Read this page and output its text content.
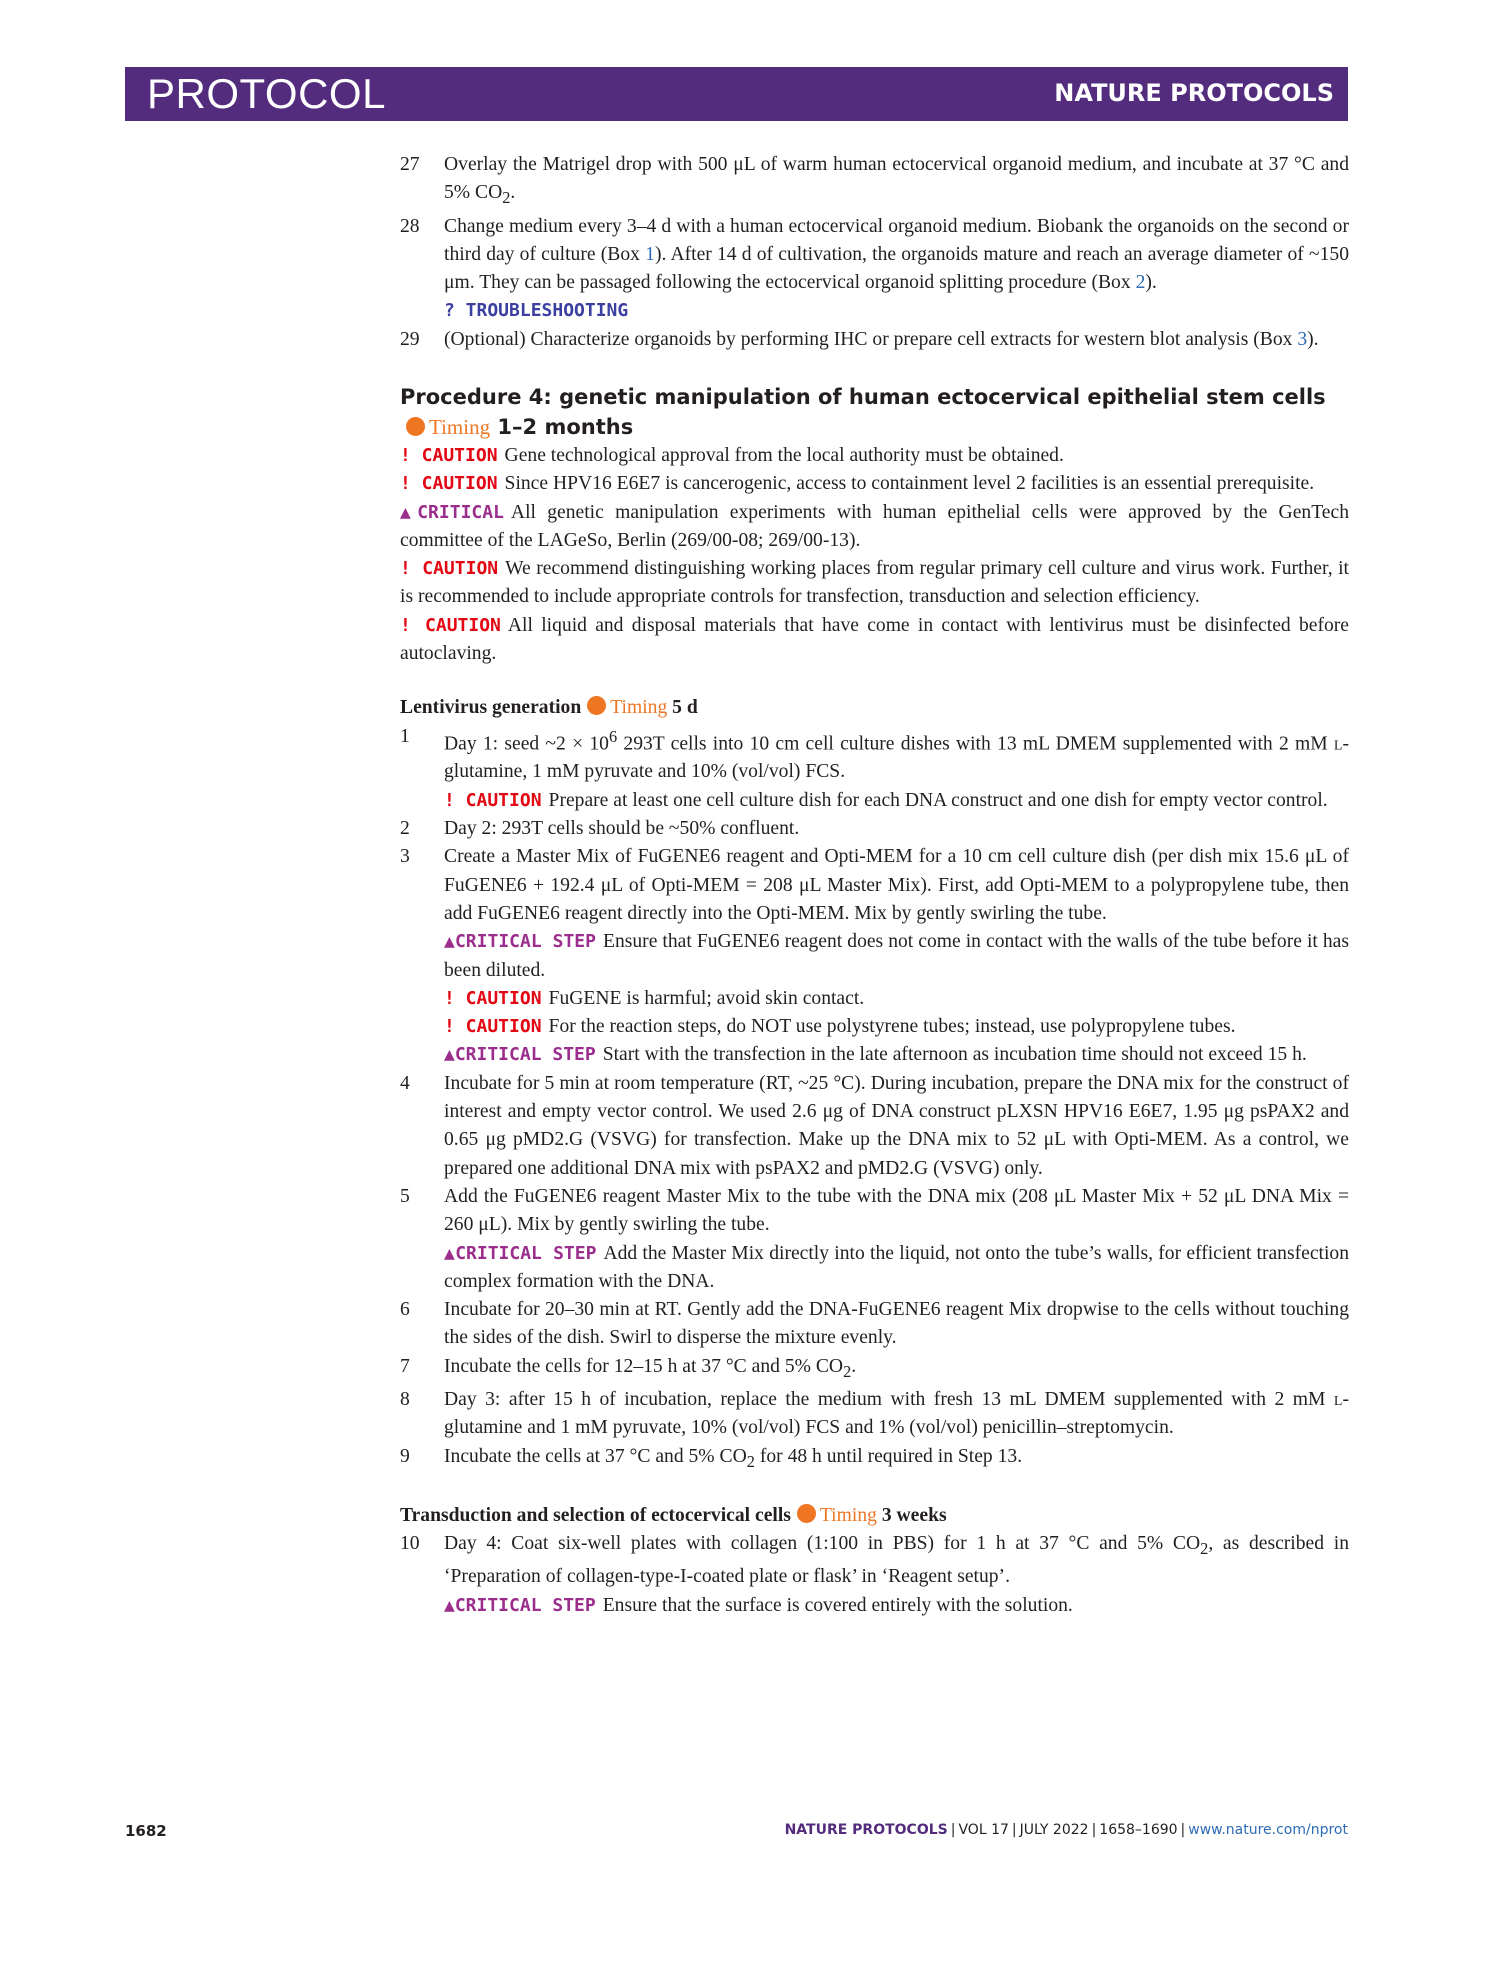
PROTOCOL	NATURE PROTOCOLS
27	Overlay the Matrigel drop with 500 μL of warm human ectocervical organoid medium, and incubate at 37 °C and 5% $CO_2$.
28	Change medium every 3–4 d with a human ectocervical organoid medium. Biobank the organoids on the second or third day of culture (Box 1). After 14 d of cultivation, the organoids mature and reach an average diameter of ~150 μm. They can be passaged following the ectocervical organoid splitting procedure (Box 2).
? TROUBLESHOOTING
29	(Optional) Characterize organoids by performing IHC or prepare cell extracts for western blot analysis (Box 3).
Procedure 4: genetic manipulation of human ectocervical epithelial stem cells Timing 1–2 months
! CAUTION Gene technological approval from the local authority must be obtained.
! CAUTION Since HPV16 E6E7 is cancerogenic, access to containment level 2 facilities is an essential prerequisite.
▲CRITICAL All genetic manipulation experiments with human epithelial cells were approved by the GenTech committee of the LAGeSo, Berlin (269/00-08; 269/00-13).
! CAUTION We recommend distinguishing working places from regular primary cell culture and virus work. Further, it is recommended to include appropriate controls for transfection, transduction and selection efficiency.
! CAUTION All liquid and disposal materials that have come in contact with lentivirus must be disinfected before autoclaving.
Lentivirus generation Timing 5 d
1	Day 1: seed ~2 × $10^6$ 293T cells into 10 cm cell culture dishes with 13 mL DMEM supplemented with 2 mM l-glutamine, 1 mM pyruvate and 10% (vol/vol) FCS.
! CAUTION Prepare at least one cell culture dish for each DNA construct and one dish for empty vector control.
2	Day 2: 293T cells should be ~50% confluent.
3	Create a Master Mix of FuGENE6 reagent and Opti-MEM for a 10 cm cell culture dish (per dish mix 15.6 μL of FuGENE6 + 192.4 μL of Opti-MEM = 208 μL Master Mix). First, add Opti-MEM to a polypropylene tube, then add FuGENE6 reagent directly into the Opti-MEM. Mix by gently swirling the tube.
▲CRITICAL STEP Ensure that FuGENE6 reagent does not come in contact with the walls of the tube before it has been diluted.
! CAUTION FuGENE is harmful; avoid skin contact.
! CAUTION For the reaction steps, do NOT use polystyrene tubes; instead, use polypropylene tubes.
▲CRITICAL STEP Start with the transfection in the late afternoon as incubation time should not exceed 15 h.
4	Incubate for 5 min at room temperature (RT, ~25 °C). During incubation, prepare the DNA mix for the construct of interest and empty vector control. We used 2.6 μg of DNA construct pLXSN HPV16 E6E7, 1.95 μg psPAX2 and 0.65 μg pMD2.G (VSVG) for transfection. Make up the DNA mix to 52 μL with Opti-MEM. As a control, we prepared one additional DNA mix with psPAX2 and pMD2.G (VSVG) only.
5	Add the FuGENE6 reagent Master Mix to the tube with the DNA mix (208 μL Master Mix + 52 μL DNA Mix = 260 μL). Mix by gently swirling the tube.
▲CRITICAL STEP Add the Master Mix directly into the liquid, not onto the tube’s walls, for efficient transfection complex formation with the DNA.
6	Incubate for 20–30 min at RT. Gently add the DNA-FuGENE6 reagent Mix dropwise to the cells without touching the sides of the dish. Swirl to disperse the mixture evenly.
7	Incubate the cells for 12–15 h at 37 °C and 5% $CO_2$.
8	Day 3: after 15 h of incubation, replace the medium with fresh 13 mL DMEM supplemented with 2 mM l-glutamine and 1 mM pyruvate, 10% (vol/vol) FCS and 1% (vol/vol) penicillin–streptomycin.
9	Incubate the cells at 37 °C and 5% $CO_2$ for 48 h until required in Step 13.
Transduction and selection of ectocervical cells Timing 3 weeks
10	Day 4: Coat six-well plates with collagen (1:100 in PBS) for 1 h at 37 °C and 5% $CO_2$, as described in ‘Preparation of collagen-type-I-coated plate or flask’ in ‘Reagent setup’.
▲CRITICAL STEP Ensure that the surface is covered entirely with the solution.
1682	NATURE PROTOCOLS | VOL 17 | JULY 2022 | 1658–1690 | www.nature.com/nprot
